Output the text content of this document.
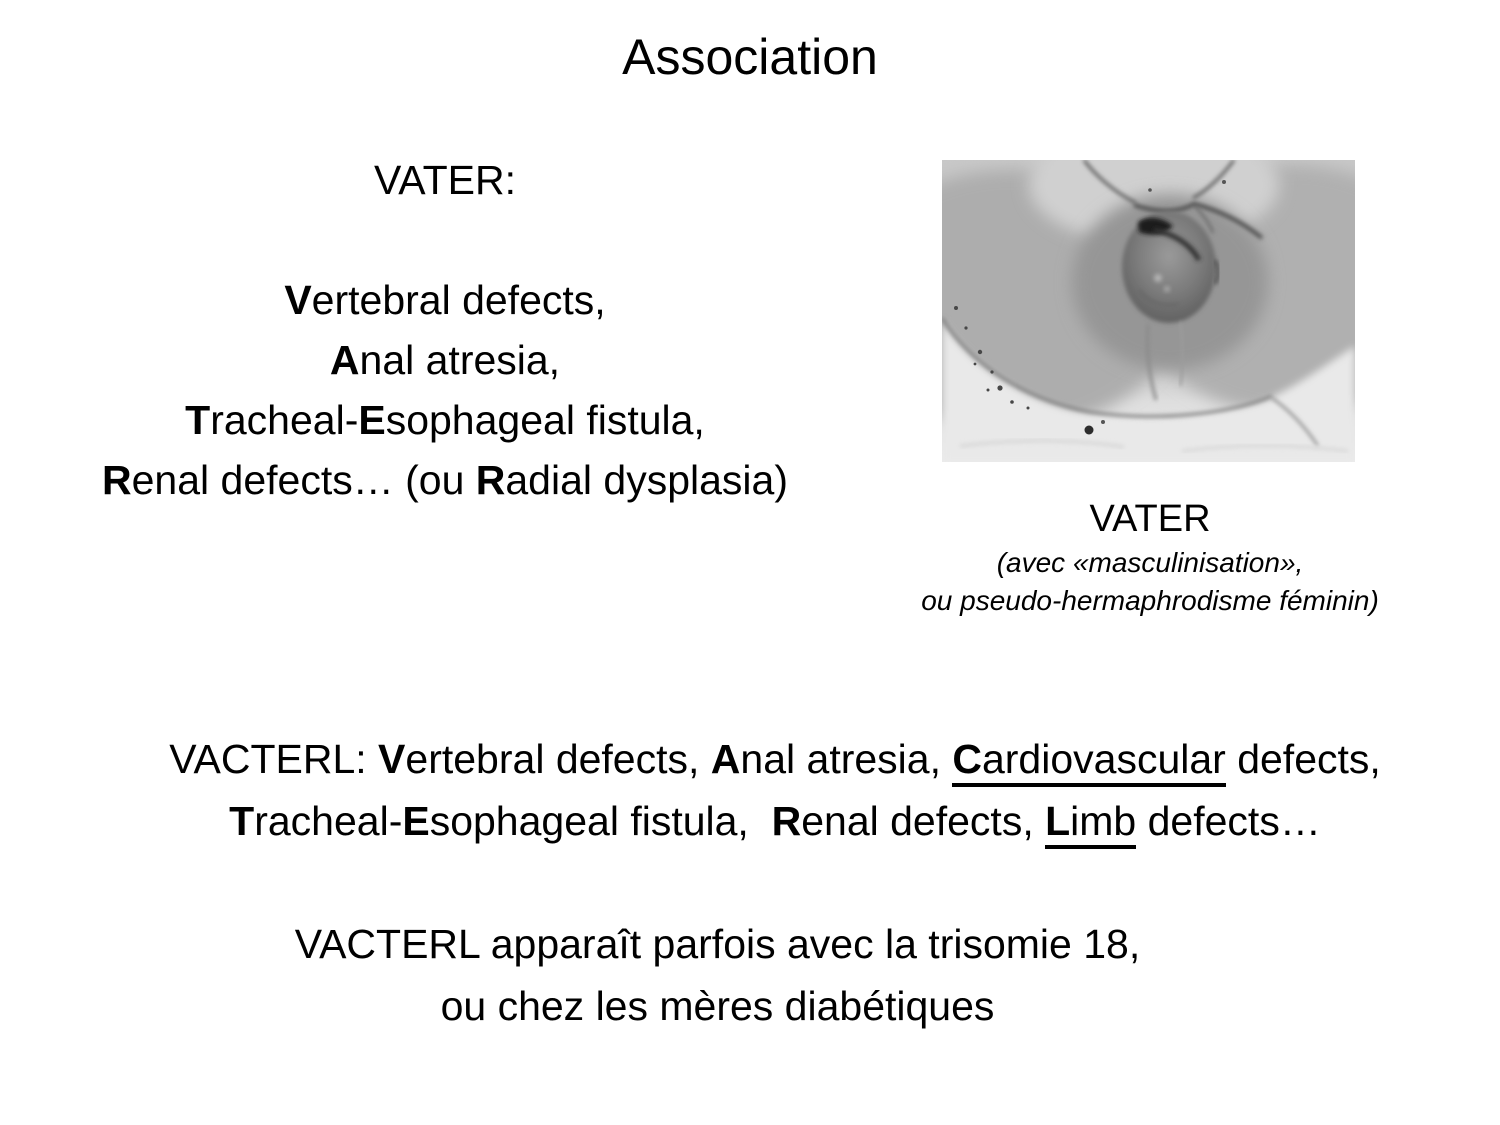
Association
VATER:
Vertebral defects,
Anal atresia,
Tracheal-Esophageal fistula,
Renal defects… (ou Radial dysplasia)
VATER
(avec «masculinisation»,
ou pseudo-hermaphrodisme féminin)
VACTERL: Vertebral defects, Anal atresia, Cardiovascular defects,
Tracheal-Esophageal fistula,  Renal defects, Limb defects…
VACTERL apparaît parfois avec la trisomie 18,
ou chez les mères diabétiques
